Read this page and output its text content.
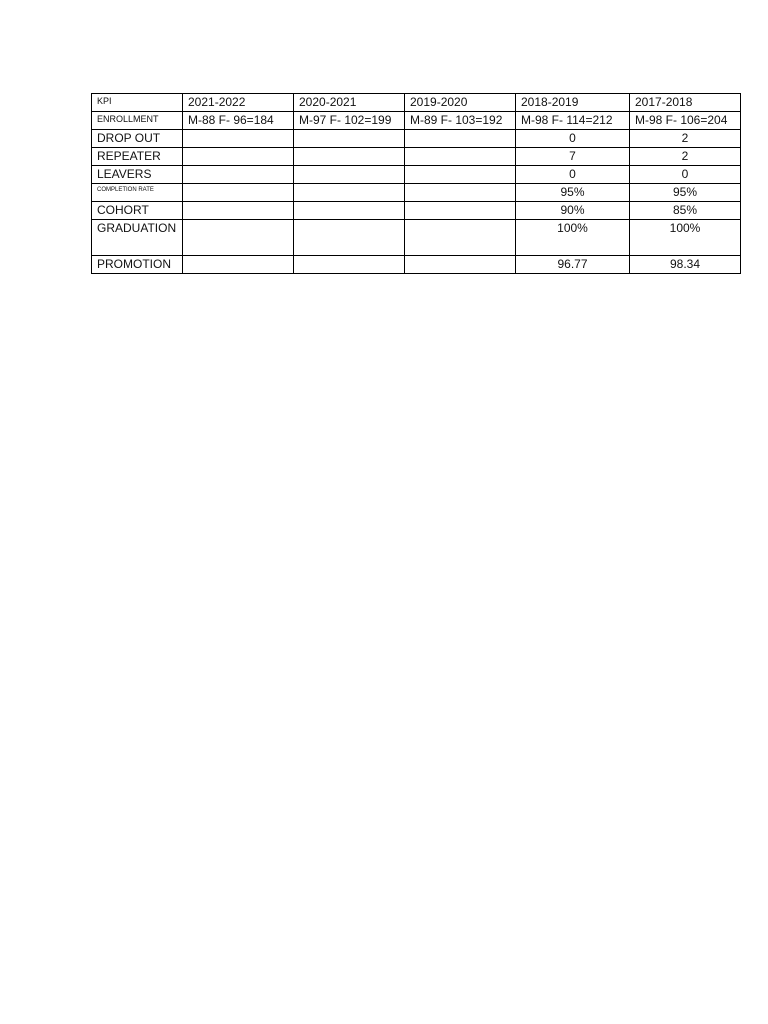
KPI	2021-2022	2020-2021	2019-2020	2018-2019	2017-2018
ENROLLMENT	M-88 F- 96=184	M-97 F- 102=199	M-89 F- 103=192	M-98 F- 114=212	M-98 F- 106=204
DROP OUT				0	2
REPEATER				7	2
LEAVERS				0	0
COMPLETION RATE				95%	95%
COHORT				90%	85%
GRADUATION				100%	100%
PROMOTION				96.77	98.34
